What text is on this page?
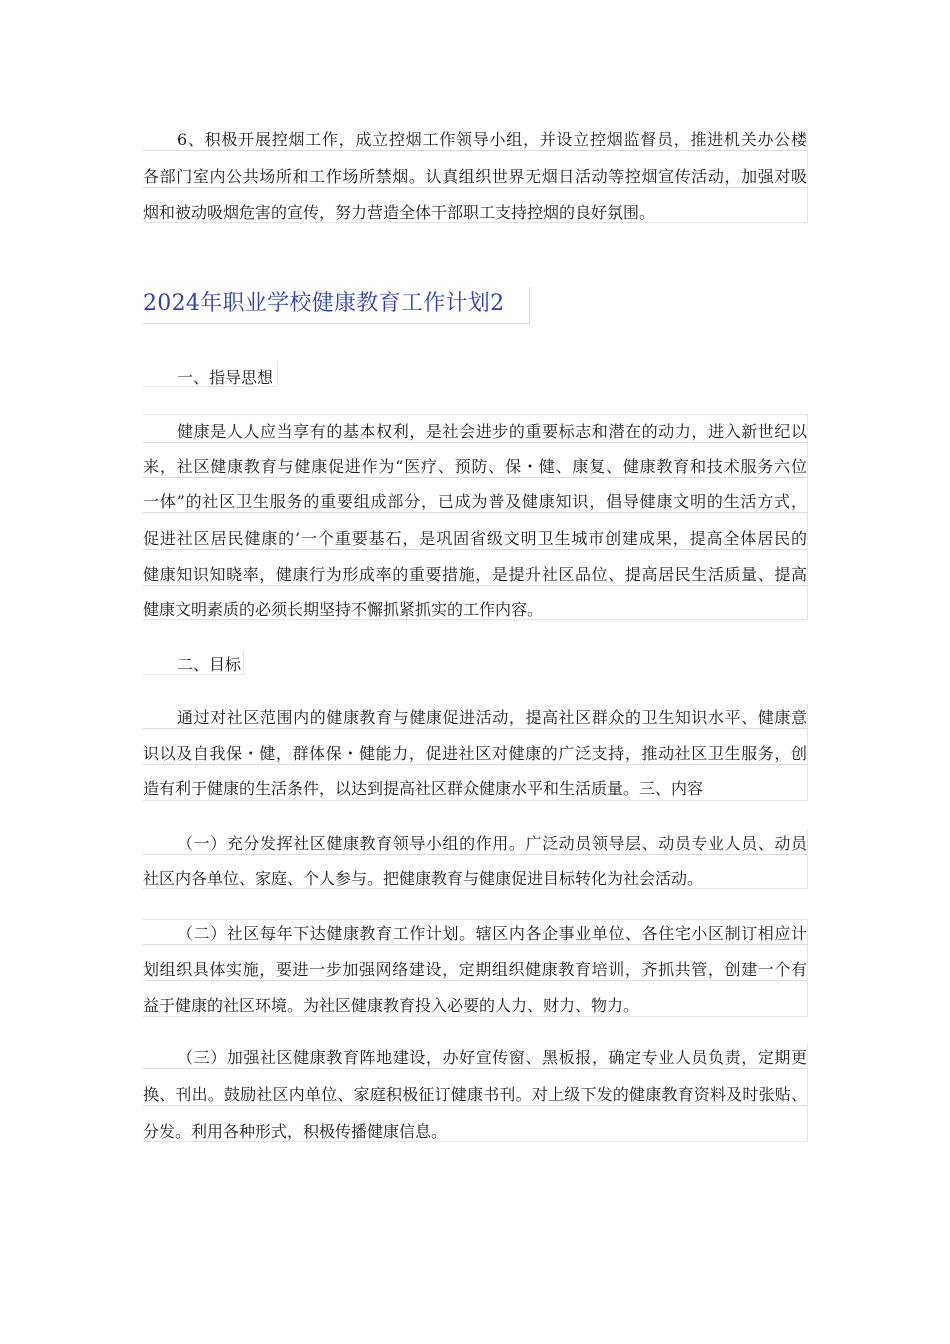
6、积极开展控烟工作，成立控烟工作领导小组，并设立控烟监督员，推进机关办公楼
各部门室内公共场所和工作场所禁烟。认真组织世界无烟日活动等控烟宣传活动，加强对吸
烟和被动吸烟危害的宣传，努力营造全体干部职工支持控烟的良好氛围。
2024年职业学校健康教育工作计划2
一、指导思想
健康是人人应当享有的基本权利，是社会进步的重要标志和潜在的动力，进入新世纪以
来，社区健康教育与健康促进作为“医疗、预防、保・健、康复、健康教育和技术服务六位
一体”的社区卫生服务的重要组成部分，已成为普及健康知识，倡导健康文明的生活方式，
促进社区居民健康的’一个重要基石，是巩固省级文明卫生城市创建成果，提高全体居民的
健康知识知晓率，健康行为形成率的重要措施，是提升社区品位、提高居民生活质量、提高
健康文明素质的必须长期坚持不懈抓紧抓实的工作内容。
二、目标
通过对社区范围内的健康教育与健康促进活动，提高社区群众的卫生知识水平、健康意
识以及自我保・健，群体保・健能力，促进社区对健康的广泛支持，推动社区卫生服务，创
造有利于健康的生活条件，以达到提高社区群众健康水平和生活质量。三、内容
（一）充分发挥社区健康教育领导小组的作用。广泛动员领导层、动员专业人员、动员
社区内各单位、家庭、个人参与。把健康教育与健康促进目标转化为社会活动。
（二）社区每年下达健康教育工作计划。辖区内各企事业单位、各住宅小区制订相应计
划组织具体实施，要进一步加强网络建设，定期组织健康教育培训，齐抓共管，创建一个有
益于健康的社区环境。为社区健康教育投入必要的人力、财力、物力。
（三）加强社区健康教育阵地建设，办好宣传窗、黑板报，确定专业人员负责，定期更
换、刊出。鼓励社区内单位、家庭积极征订健康书刊。对上级下发的健康教育资料及时张贴、
分发。利用各种形式，积极传播健康信息。
